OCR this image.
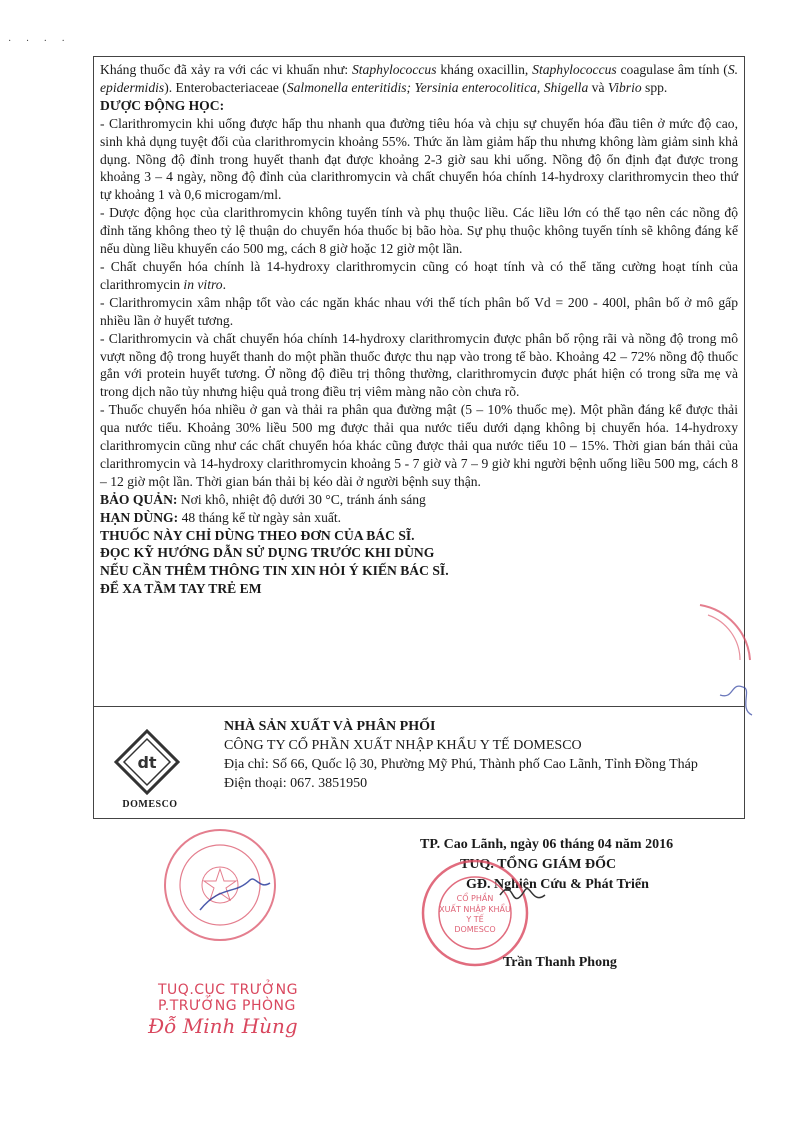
· · · ·

Kháng thuốc đã xảy ra với các vi khuẩn như: Staphylococcus kháng oxacillin, Staphylococcus coagulase âm tính (S. epidermidis). Enterobacteriaceae (Salmonella enteritidis; Yersinia enterocolitica, Shigella và Vibrio spp.

DƯỢC ĐỘNG HỌC:

- Clarithromycin khi uống được hấp thu nhanh qua đường tiêu hóa và chịu sự chuyển hóa đầu tiên ở mức độ cao, sinh khả dụng tuyệt đối của clarithromycin khoảng 55%. Thức ăn làm giảm hấp thu nhưng không làm giảm sinh khả dụng. Nồng độ đỉnh trong huyết thanh đạt được khoảng 2-3 giờ sau khi uống. Nồng độ ổn định đạt được trong khoảng 3 – 4 ngày, nồng độ đỉnh của clarithromycin và chất chuyển hóa chính 14-hydroxy clarithromycin theo thứ tự khoảng 1 và 0,6 microgam/ml.

- Dược động học của clarithromycin không tuyến tính và phụ thuộc liều. Các liều lớn có thể tạo nên các nồng độ đỉnh tăng không theo tỷ lệ thuận do chuyển hóa thuốc bị bão hòa. Sự phụ thuộc không tuyến tính sẽ không đáng kể nếu dùng liều khuyến cáo 500 mg, cách 8 giờ hoặc 12 giờ một lần.

- Chất chuyển hóa chính là 14-hydroxy clarithromycin cũng có hoạt tính và có thể tăng cường hoạt tính của clarithromycin in vitro.

- Clarithromycin xâm nhập tốt vào các ngăn khác nhau với thể tích phân bố Vd = 200 - 400l, phân bố ở mô gấp nhiều lần ở huyết tương.

- Clarithromycin và chất chuyển hóa chính 14-hydroxy clarithromycin được phân bố rộng rãi và nồng độ trong mô vượt nồng độ trong huyết thanh do một phần thuốc được thu nạp vào trong tế bào. Khoảng 42 – 72% nồng độ thuốc gắn với protein huyết tương. Ở nồng độ điều trị thông thường, clarithromycin được phát hiện có trong sữa mẹ và trong dịch não tủy nhưng hiệu quả trong điều trị viêm màng não còn chưa rõ.

- Thuốc chuyển hóa nhiều ở gan và thải ra phân qua đường mật (5 – 10% thuốc mẹ). Một phần đáng kể được thải qua nước tiểu. Khoảng 30% liều 500 mg được thải qua nước tiểu dưới dạng không bị chuyển hóa. 14-hydroxy clarithromycin cũng như các chất chuyển hóa khác cũng được thải qua nước tiểu 10 – 15%. Thời gian bán thải của clarithromycin và 14-hydroxy clarithromycin khoảng 5 - 7 giờ và 7 – 9 giờ khi người bệnh uống liều 500 mg, cách 8 – 12 giờ một lần. Thời gian bán thải bị kéo dài ở người bệnh suy thận.

BẢO QUẢN: Nơi khô, nhiệt độ dưới 30 °C, tránh ánh sáng

HẠN DÙNG: 48 tháng kể từ ngày sản xuất.

THUỐC NÀY CHỈ DÙNG THEO ĐƠN CỦA BÁC SĨ.

ĐỌC KỸ HƯỚNG DẪN SỬ DỤNG TRƯỚC KHI DÙNG

NẾU CẦN THÊM THÔNG TIN XIN HỎI Ý KIẾN BÁC SĨ.

ĐỂ XA TẦM TAY TRẺ EM

dt
DOMESCO
NHÀ SẢN XUẤT VÀ PHÂN PHỐI
CÔNG TY CỔ PHẦN XUẤT NHẬP KHẨU Y TẾ DOMESCO
Địa chỉ: Số 66, Quốc lộ 30, Phường Mỹ Phú, Thành phố Cao Lãnh, Tỉnh Đồng Tháp
Điện thoại: 067. 3851950
TP. Cao Lãnh, ngày 06 tháng 04 năm 2016
TUQ. TỔNG GIÁM ĐỐC
GĐ. Nghiên Cứu & Phát Triển
CỔ PHẦN
XUẤT NHẬP KHẨU
Y TẾ
DOMESCO
Trần Thanh Phong
TUQ.CỤC TRƯỞNG
P.TRƯỞNG PHÒNG
Đỗ Minh Hùng
